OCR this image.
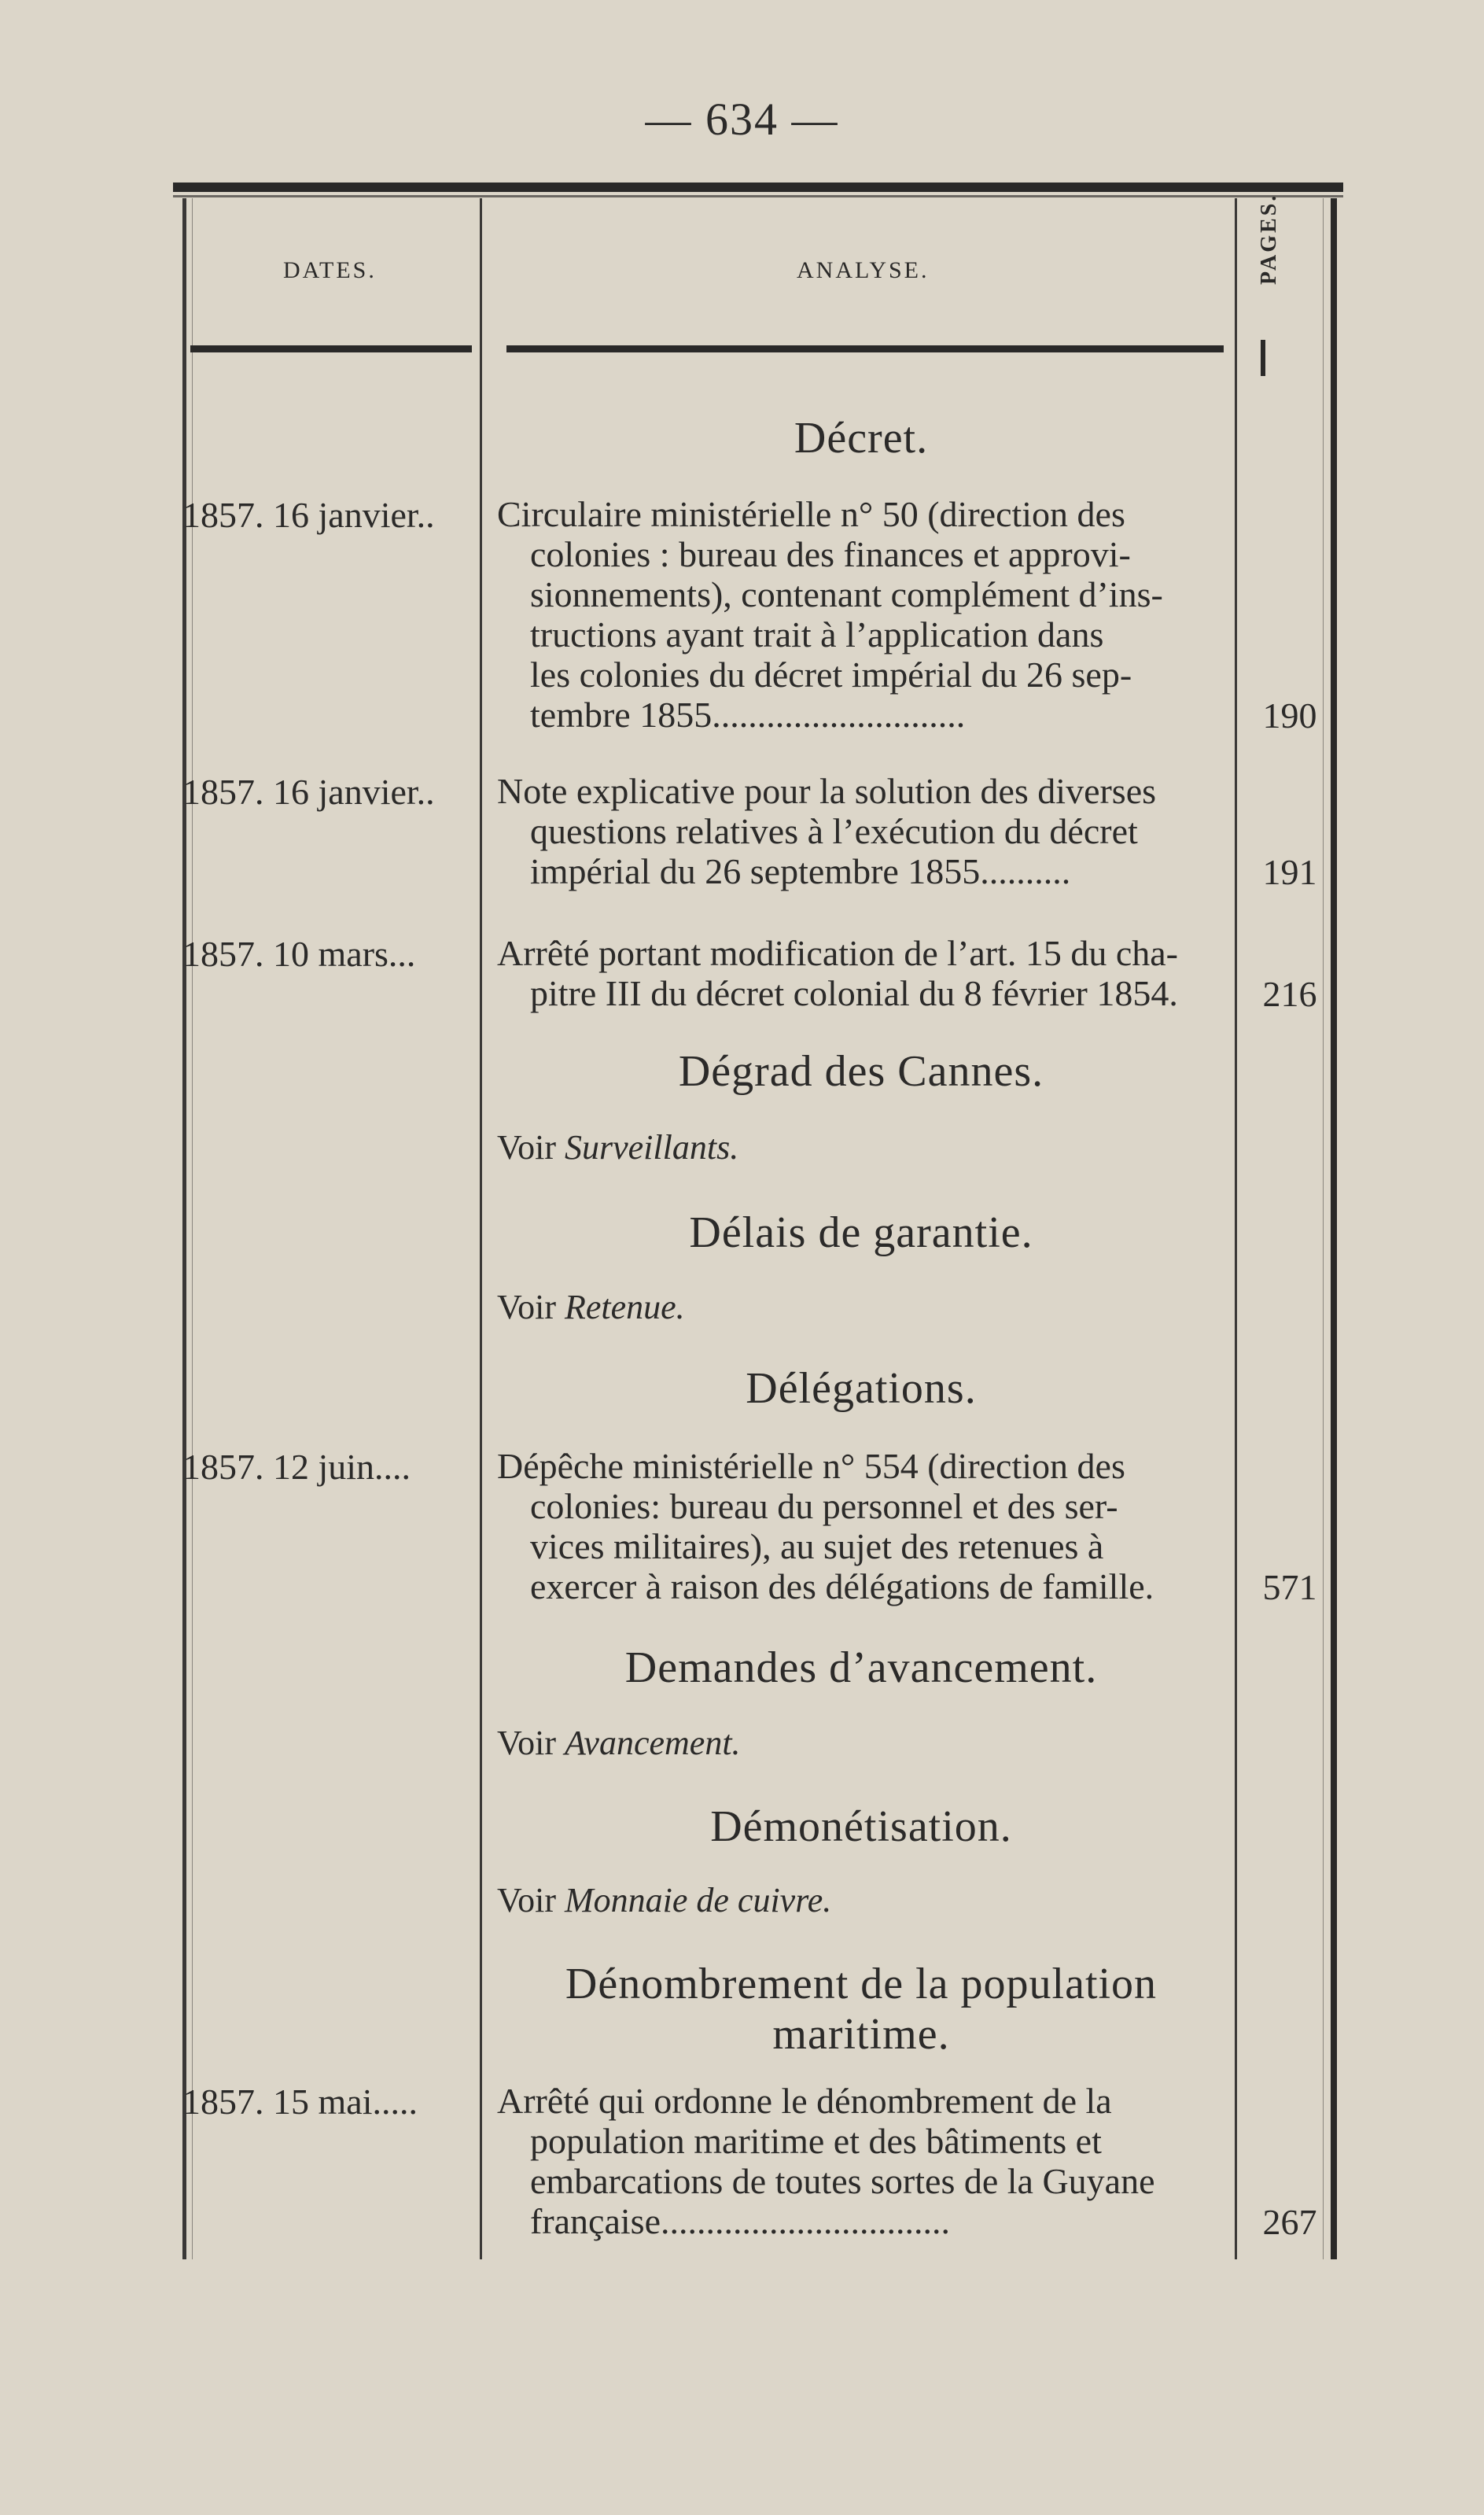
— 634 —
DATES.	ANALYSE.	PAGES.
Décret.
1857. 16 janvier..	Circulaire ministérielle n° 50 (direction des
colonies : bureau des finances et approvi-
sionnements), contenant complément d’ins-
tructions ayant trait à l’application dans
les colonies du décret impérial du 26 sep-
tembre 1855............................	190
1857. 16 janvier..	Note explicative pour la solution des diverses
questions relatives à l’exécution du décret
impérial du 26 septembre 1855..........	191
1857. 10 mars...	Arrêté portant modification de l’art. 15 du cha-
pitre III du décret colonial du 8 février 1854.	216
Dégrad des Cannes.
Voir Surveillants.
Délais de garantie.
Voir Retenue.
Délégations.
1857. 12 juin....	Dépêche ministérielle n° 554 (direction des
colonies: bureau du personnel et des ser-
vices militaires), au sujet des retenues à
exercer à raison des délégations de famille.	571
Demandes d’avancement.
Voir Avancement.
Démonétisation.
Voir Monnaie de cuivre.
Dénombrement de la population
maritime.
1857. 15 mai.....	Arrêté qui ordonne le dénombrement de la
population maritime et des bâtiments et
embarcations de toutes sortes de la Guyane
française................................	267
